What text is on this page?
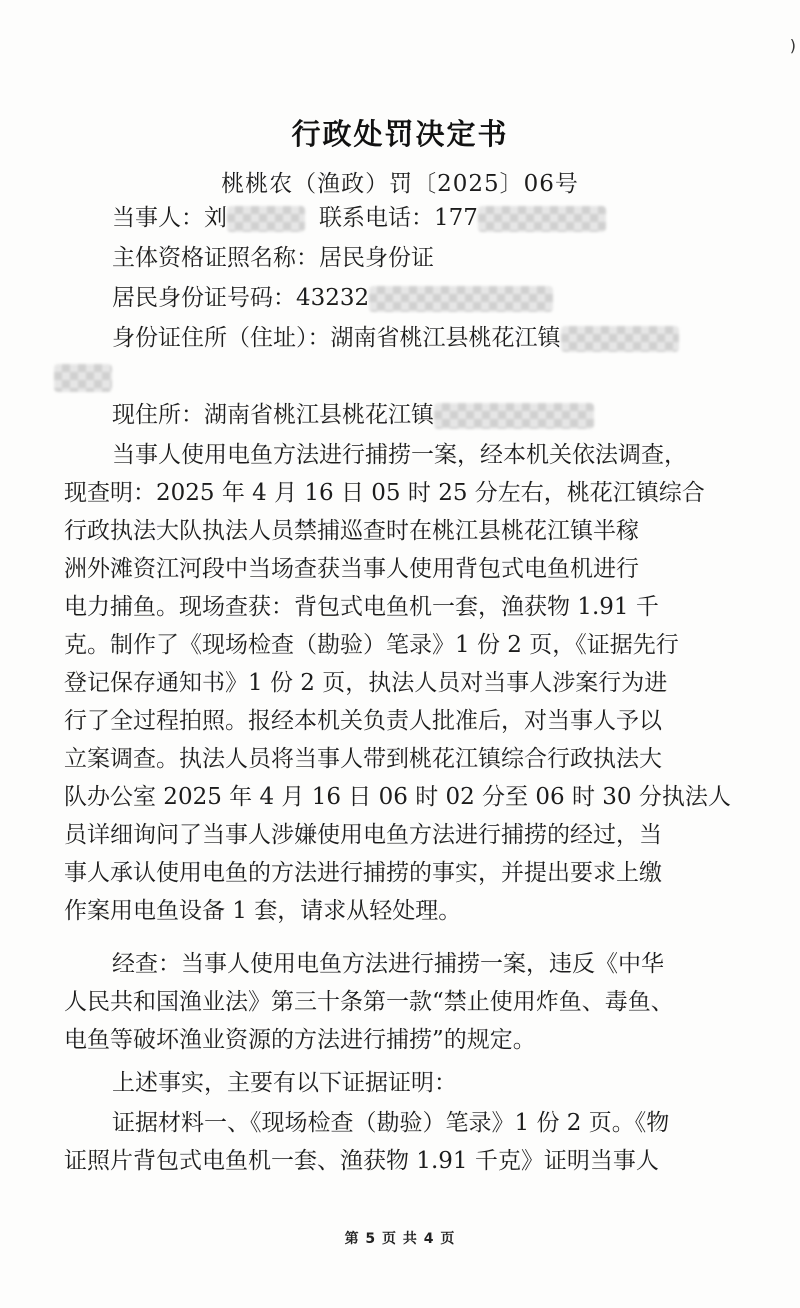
)
行政处罚决定书
桃桃农（渔政）罚〔2025〕06号
当事人：刘	联系电话：177
主体资格证照名称：居民身份证
居民身份证号码：43232
身份证住所（住址）：湖南省桃江县桃花江镇
现住所：湖南省桃江县桃花江镇
当事人使用电鱼方法进行捕捞一案，经本机关依法调查，
现查明：2025 年 4 月 16 日 05 时 25 分左右，桃花江镇综合
行政执法大队执法人员禁捕巡查时在桃江县桃花江镇半稼
洲外滩资江河段中当场查获当事人使用背包式电鱼机进行
电力捕鱼。现场查获：背包式电鱼机一套，渔获物 1.91 千
克。制作了《现场检查（勘验）笔录》1 份 2 页，《证据先行
登记保存通知书》1 份 2 页，执法人员对当事人涉案行为进
行了全过程拍照。报经本机关负责人批准后，对当事人予以
立案调查。执法人员将当事人带到桃花江镇综合行政执法大
队办公室 2025 年 4 月 16 日 06 时 02 分至 06 时 30 分执法人
员详细询问了当事人涉嫌使用电鱼方法进行捕捞的经过，当
事人承认使用电鱼的方法进行捕捞的事实，并提出要求上缴
作案用电鱼设备 1 套，请求从轻处理。
经查：当事人使用电鱼方法进行捕捞一案，违反《中华
人民共和国渔业法》第三十条第一款“禁止使用炸鱼、毒鱼、
电鱼等破坏渔业资源的方法进行捕捞”的规定。
上述事实，主要有以下证据证明：
证据材料一、《现场检查（勘验）笔录》1 份 2 页。《物
证照片背包式电鱼机一套、渔获物 1.91 千克》证明当事人
第 5 页 共 4 页
